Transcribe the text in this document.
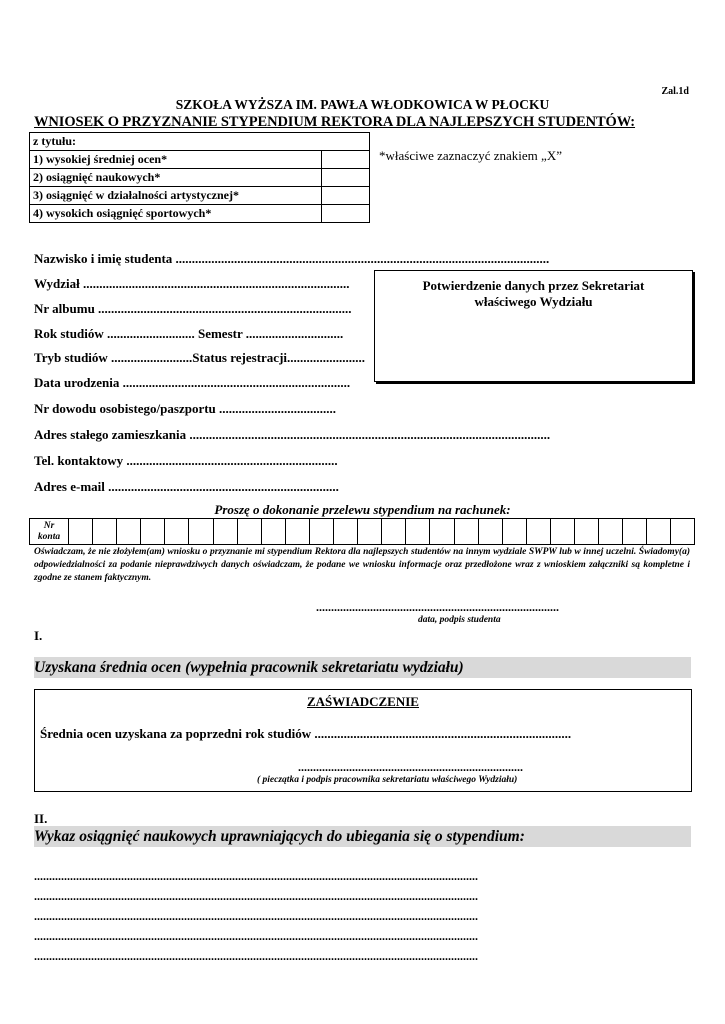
Zal.1d
SZKOŁA WYŻSZA IM. PAWŁA WŁODKOWICA W PŁOCKU
WNIOSEK O PRZYZNANIE STYPENDIUM REKTORA DLA NAJLEPSZYCH STUDENTÓW:
z tytułu:	
1) wysokiej średniej ocen*	
2) osiągnięć naukowych*	
3) osiągnięć w działalności artystycznej*	
4) wysokich osiągnięć sportowych*	
*właściwe zaznaczyć znakiem „X”
Nazwisko i imię studenta ...................................................................................................................
Wydział ..................................................................................
Nr albumu ..............................................................................
Rok studiów ........................... Semestr ..............................
Tryb studiów .........................Status rejestracji........................
Data urodzenia ......................................................................
Nr dowodu osobistego/paszportu ....................................
Adres stałego zamieszkania ...............................................................................................................
Tel. kontaktowy .................................................................
Adres e-mail .......................................................................
Potwierdzenie danych przez Sekretariat
właściwego Wydziału
Proszę o dokonanie przelewu stypendium na rachunek:
Nr
konta

Oświadczam, że nie złożyłem(am) wniosku o przyznanie mi stypendium Rektora dla najlepszych studentów na innym wydziale SWPW lub w innej uczelni. Świadomy(a) odpowiedzialności za podanie nieprawdziwych danych oświadczam, że podane we wniosku informacje oraz przedłożone wraz z wnioskiem załączniki są kompletne i zgodne ze stanem faktycznym.
.................................................................................
data, podpis studenta
I.
Uzyskana średnia ocen (wypełnia pracownik sekretariatu wydziału)
ZAŚWIADCZENIE
Średnia ocen uzyskana za poprzedni rok studiów ...............................................................................
...........................................................................
( pieczątka i podpis pracownika sekretariatu właściwego Wydziału)
II.
Wykaz osiągnięć naukowych uprawniających do ubiegania się o stypendium:
....................................................................................................................................................
....................................................................................................................................................
....................................................................................................................................................
....................................................................................................................................................
....................................................................................................................................................
